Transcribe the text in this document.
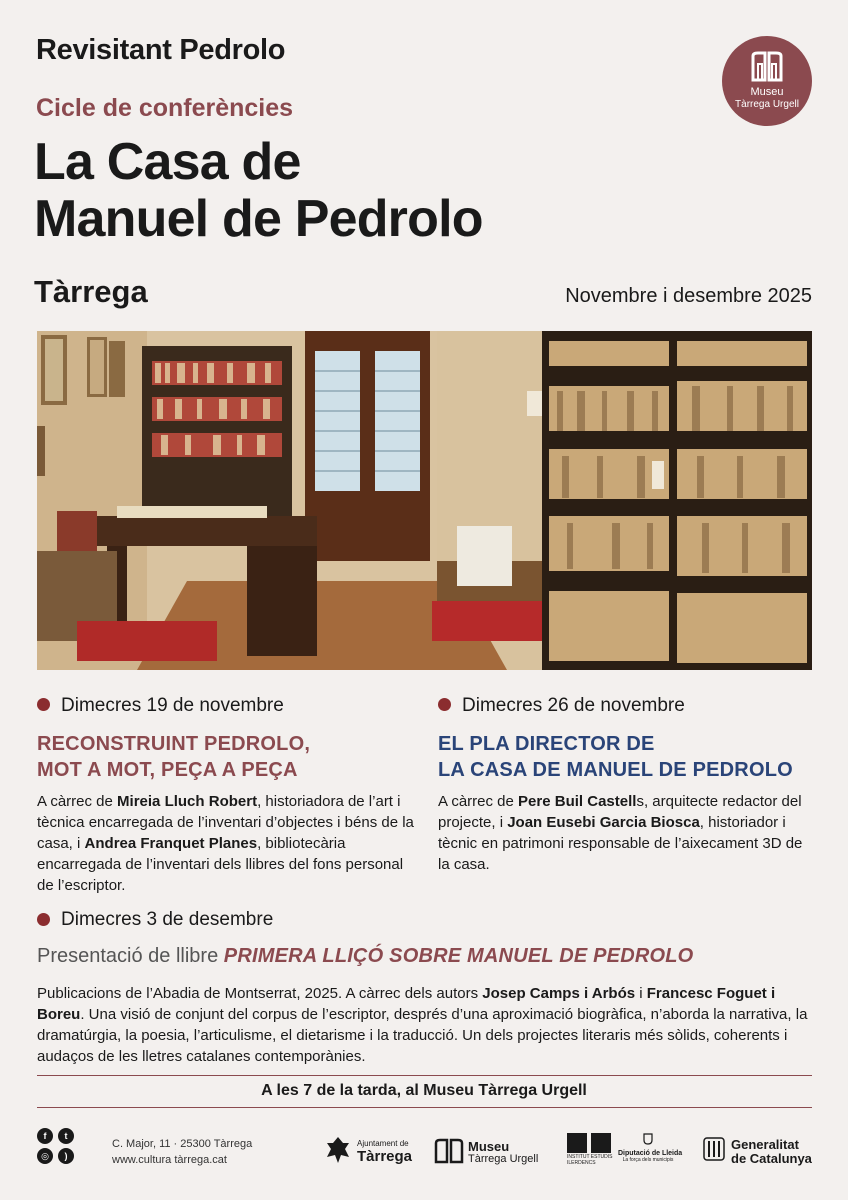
Revisitant Pedrolo
Cicle de conferències
La Casa de
Manuel de Pedrolo
Tàrrega	Novembre i desembre 2025
Museu
Tàrrega Urgell
Dimecres 19 de novembre
RECONSTRUINT PEDROLO,
MOT A MOT, PEÇA A PEÇA
A càrrec de Mireia Lluch Robert, historiadora de l’art i tècnica encarregada de l’inventari d’objectes i béns de la casa, i Andrea Franquet Planes, bibliotecària encarregada de l’inventari dels llibres del fons personal de l’escriptor.
Dimecres 26 de novembre
EL PLA DIRECTOR DE
LA CASA DE MANUEL DE PEDROLO
A càrrec de Pere Buil Castells, arquitecte redactor del projecte, i Joan Eusebi Garcia Biosca, historiador i tècnic en patrimoni responsable de l’aixecament 3D de la casa.
Dimecres 3 de desembre
Presentació de llibre PRIMERA LLIÇÓ SOBRE MANUEL DE PEDROLO
Publicacions de l’Abadia de Montserrat, 2025. A càrrec dels autors Josep Camps i Arbós i Francesc Foguet i Boreu. Una visió de conjunt del corpus de l’escriptor, després d’una aproximació biogràfica, n’aborda la narrativa, la dramatúrgia, la poesia, l’articulisme, el dietarisme i la traducció. Un dels projectes literaris més sòlids, coherents i audaços de les lletres catalanes contemporànies.
A les 7 de la tarda, al Museu Tàrrega Urgell
f	t
◎	)
C. Major, 11 · 25300 Tàrrega
www.cultura tàrrega.cat
Ajuntament de
Tàrrega
Museu
Tàrrega Urgell	INSTITUT ESTUDIS ILERDENCS
Diputació de Lleida
La força dels municipis
Generalitat
de Catalunya
